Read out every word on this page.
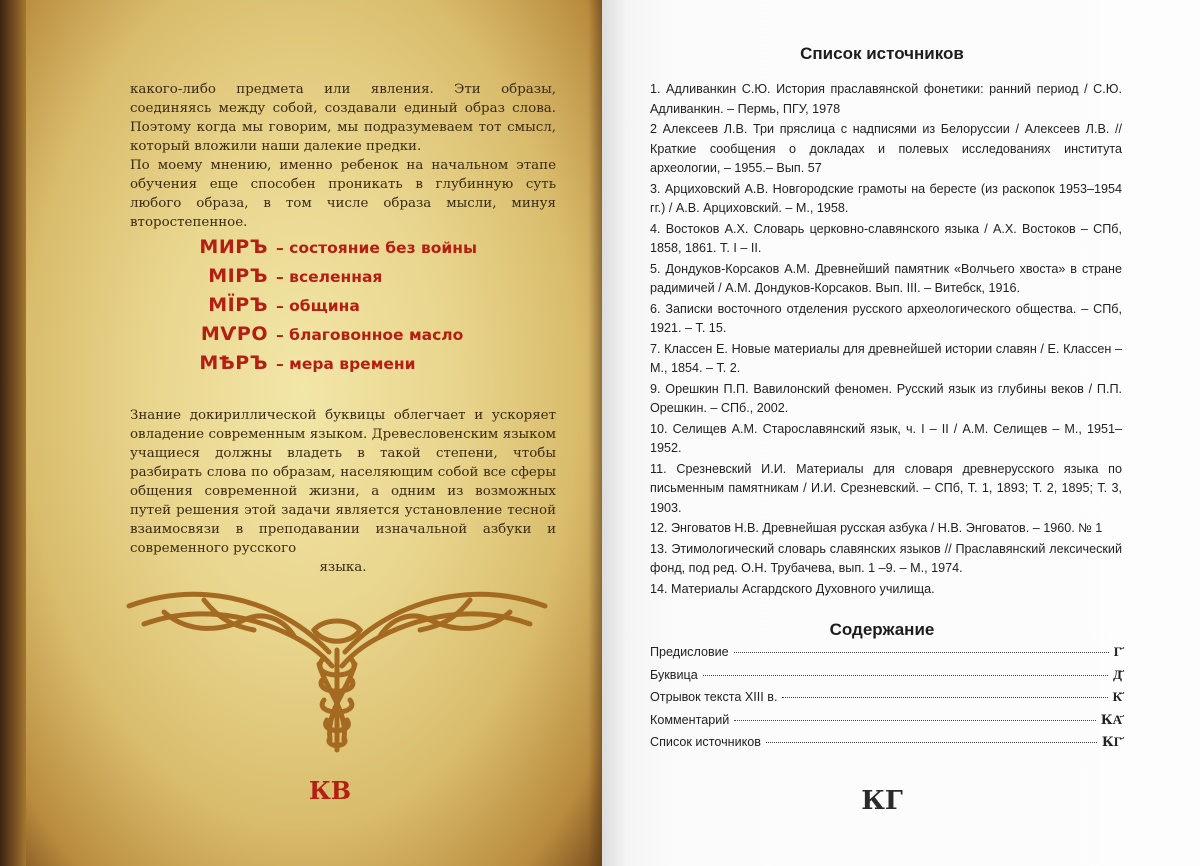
какого-либо предмета или явления. Эти образы, соединяясь между собой, создавали единый образ слова. Поэтому когда мы говорим, мы подразумеваем тот смысл, который вложили наши далекие предки.
По моему мнению, именно ребенок на начальном этапе обучения еще способен проникать в глубинную суть любого образа, в том числе образа мысли, минуя второстепенное.
МИРЪ – состояние без войны
МІРЪ – вселенная
МЇРЪ – община
МѴРО – благовонное масло
МѢРЪ – мера времени
Знание докириллической буквицы облегчает и ускоряет овладение современным языком. Древесловенским языком учащиеся должны владеть в такой степени, чтобы разбирать слова по образам, населяющим собой все сферы общения современной жизни, а одним из возможных путей решения этой задачи является установление тесной взаимосвязи в преподавании изначальной азбуки и современного русского
языка.
КВ
Список источников
1. Адливанкин С.Ю. История праславянской фонетики: ранний период / С.Ю. Адливанкин. – Пермь, ПГУ, 1978
2 Алексеев Л.В. Три пряслица с надписями из Белоруссии / Алексеев Л.В. // Краткие сообщения о докладах и полевых исследованиях института археологии, – 1955.– Вып. 57
3. Арциховский А.В. Новгородские грамоты на бересте (из раскопок 1953–1954 гг.) / А.В. Арциховский. – М., 1958.
4. Востоков А.Х. Словарь церковно-славянского языка / А.Х. Востоков – СПб, 1858, 1861. Т. I – II.
5. Дондуков-Корсаков А.М. Древнейший памятник «Волчьего хвоста» в стране радимичей / А.М. Дондуков-Корсаков. Вып. III. – Витебск, 1916.
6. Записки восточного отделения русского археологического общества. – СПб, 1921. – Т. 15.
7. Классен Е. Новые материалы для древнейшей истории славян / Е. Классен – М., 1854. – Т. 2.
9. Орешкин П.П. Вавилонский феномен. Русский язык из глубины веков / П.П. Орешкин. – СПб., 2002.
10. Селищев А.М. Старославянский язык, ч. I – II / А.М. Селищев – М., 1951–1952.
11. Срезневский И.И. Материалы для словаря древнерусского языка по письменным памятникам / И.И. Срезневский. – СПб, Т. 1, 1893; Т. 2, 1895; Т. 3, 1903.
12. Энговатов Н.В. Древнейшая русская азбука / Н.В. Энговатов. – 1960. № 1
13. Этимологический словарь славянских языков // Праславянский лексический фонд, под ред. О.Н. Трубачева, вып. 1 –9. – М., 1974.
14. Материалы Асгардского Духовного училища.
Содержание
Предисловие	Г҃
Буквица	Д҃
Отрывок текста XIII в.	К҃
Комментарий	КА҃
Список источников	КГ҃
КГ
